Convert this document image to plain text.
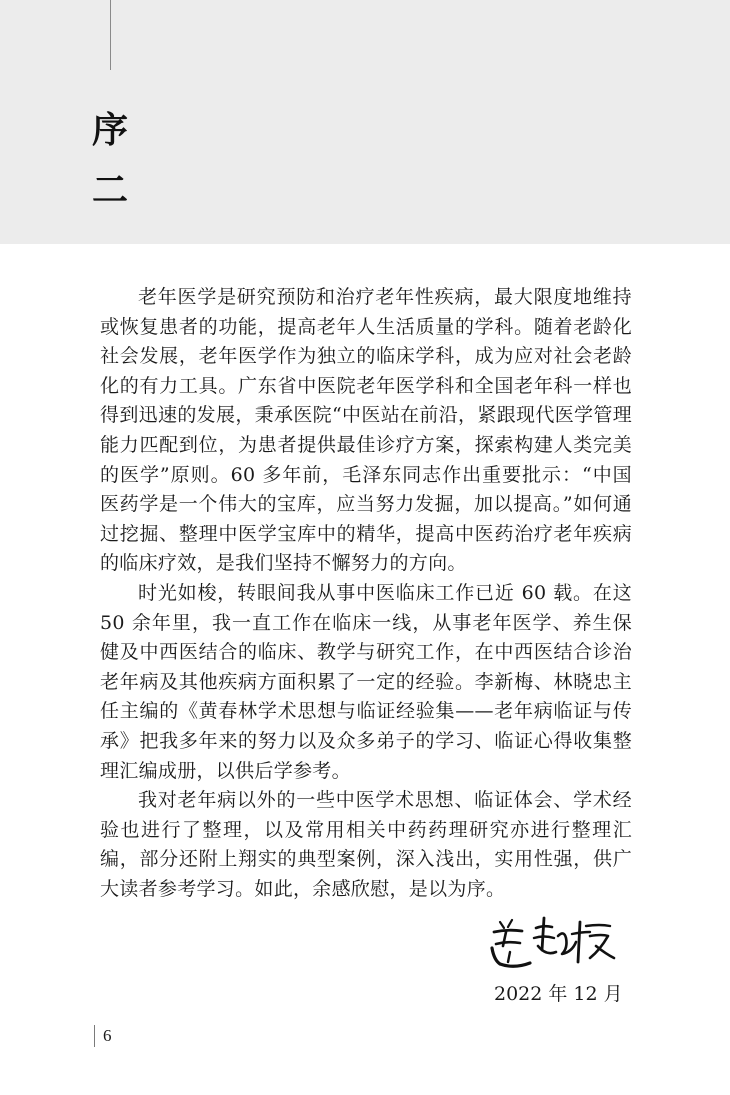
序
二

老年医学是研究预防和治疗老年性疾病，最大限度地维持或恢复患者的功能，提高老年人生活质量的学科。随着老龄化社会发展，老年医学作为独立的临床学科，成为应对社会老龄化的有力工具。广东省中医院老年医学科和全国老年科一样也得到迅速的发展，秉承医院“中医站在前沿，紧跟现代医学管理能力匹配到位，为患者提供最佳诊疗方案，探索构建人类完美的医学”原则。60 多年前，毛泽东同志作出重要批示：“中国医药学是一个伟大的宝库，应当努力发掘，加以提高。”如何通过挖掘、整理中医学宝库中的精华，提高中医药治疗老年疾病的临床疗效，是我们坚持不懈努力的方向。

时光如梭，转眼间我从事中医临床工作已近 60 载。在这 50 余年里，我一直工作在临床一线，从事老年医学、养生保健及中西医结合的临床、教学与研究工作，在中西医结合诊治老年病及其他疾病方面积累了一定的经验。李新梅、林晓忠主任主编的《黄春林学术思想与临证经验集——老年病临证与传承》把我多年来的努力以及众多弟子的学习、临证心得收集整理汇编成册，以供后学参考。

我对老年病以外的一些中医学术思想、临证体会、学术经验也进行了整理，以及常用相关中药药理研究亦进行整理汇编，部分还附上翔实的典型案例，深入浅出，实用性强，供广大读者参考学习。如此，余感欣慰，是以为序。

2022 年 12 月
6
